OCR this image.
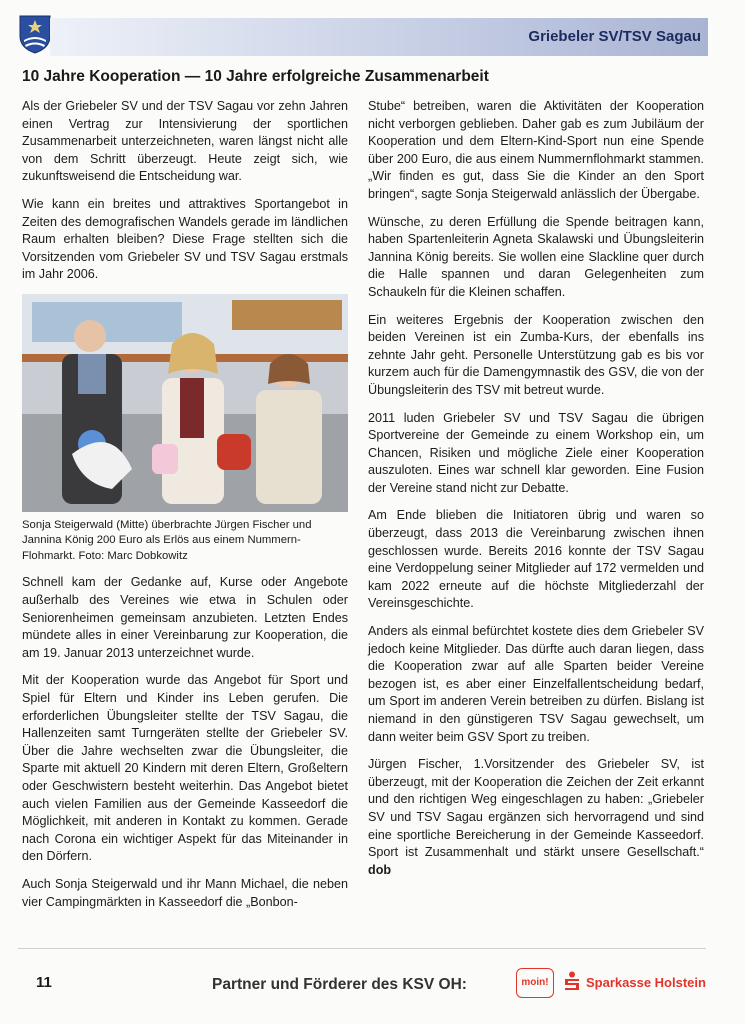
Griebeler SV/TSV Sagau
10 Jahre Kooperation — 10 Jahre erfolgreiche Zusammenarbeit

Als der Griebeler SV und der TSV Sagau vor zehn Jahren einen Vertrag zur Intensivierung der sportlichen Zusammenarbeit unterzeichneten, waren längst nicht alle von dem Schritt überzeugt. Heute zeigt sich, wie zukunftsweisend die Entscheidung war.

Wie kann ein breites und attraktives Sportangebot in Zeiten des demografischen Wandels gerade im ländlichen Raum erhalten bleiben? Diese Frage stellten sich die Vorsitzenden vom Griebeler SV und TSV Sagau erstmals im Jahr 2006.

Sonja Steigerwald (Mitte) überbrachte Jürgen Fischer und Jannina König 200 Euro als Erlös aus einem Nummern-Flohmarkt. Foto: Marc Dobkowitz

Schnell kam der Gedanke auf, Kurse oder Angebote außerhalb des Vereines wie etwa in Schulen oder Seniorenheimen gemeinsam anzubieten. Letzten Endes mündete alles in einer Vereinbarung zur Kooperation, die am 19. Januar 2013 unterzeichnet wurde.

Mit der Kooperation wurde das Angebot für Sport und Spiel für Eltern und Kinder ins Leben gerufen. Die erforderlichen Übungsleiter stellte der TSV Sagau, die Hallenzeiten samt Turngeräten stellte der Griebeler SV. Über die Jahre wechselten zwar die Übungsleiter, die Sparte mit aktuell 20 Kindern mit deren Eltern, Großeltern oder Geschwistern besteht weiterhin. Das Angebot bietet auch vielen Familien aus der Gemeinde Kasseedorf die Möglichkeit, mit anderen in Kontakt zu kommen. Gerade nach Corona ein wichtiger Aspekt für das Miteinander in den Dörfern.

Auch Sonja Steigerwald und ihr Mann Michael, die neben vier Campingmärkten in Kasseedorf die „Bonbon-

Stube“ betreiben, waren die Aktivitäten der Kooperation nicht verborgen geblieben. Daher gab es zum Jubiläum der Kooperation und dem Eltern-Kind-Sport nun eine Spende über 200 Euro, die aus einem Nummernflohmarkt stammen. „Wir finden es gut, dass Sie die Kinder an den Sport bringen“, sagte Sonja Steigerwald anlässlich der Übergabe.

Wünsche, zu deren Erfüllung die Spende beitragen kann, haben Spartenleiterin Agneta Skalawski und Übungsleiterin Jannina König bereits. Sie wollen eine Slackline quer durch die Halle spannen und daran Gelegenheiten zum Schaukeln für die Kleinen schaffen.

Ein weiteres Ergebnis der Kooperation zwischen den beiden Vereinen ist ein Zumba-Kurs, der ebenfalls ins zehnte Jahr geht. Personelle Unterstützung gab es bis vor kurzem auch für die Damengymnastik des GSV, die von der Übungsleiterin des TSV mit betreut wurde.

2011 luden Griebeler SV und TSV Sagau die übrigen Sportvereine der Gemeinde zu einem Workshop ein, um Chancen, Risiken und mögliche Ziele einer Kooperation auszuloten. Eines war schnell klar geworden. Eine Fusion der Vereine stand nicht zur Debatte.

Am Ende blieben die Initiatoren übrig und waren so überzeugt, dass 2013 die Vereinbarung zwischen ihnen geschlossen wurde. Bereits 2016 konnte der TSV Sagau eine Verdoppelung seiner Mitglieder auf 172 vermelden und kam 2022 erneute auf die höchste Mitgliederzahl der Vereinsgeschichte.

Anders als einmal befürchtet kostete dies dem Griebeler SV jedoch keine Mitglieder. Das dürfte auch daran liegen, dass die Kooperation zwar auf alle Sparten beider Vereine bezogen ist, es aber einer Einzelfallentscheidung bedarf, um Sport im anderen Verein betreiben zu dürfen. Bislang ist niemand in den günstigeren TSV Sagau gewechselt, um dann weiter beim GSV Sport zu treiben.

Jürgen Fischer, 1.Vorsitzender des Griebeler SV, ist überzeugt, mit der Kooperation die Zeichen der Zeit erkannt und den richtigen Weg eingeschlagen zu haben: „Griebeler SV und TSV Sagau ergänzen sich hervorragend und sind eine sportliche Bereicherung in der Gemeinde Kasseedorf. Sport ist Zusammenhalt und stärkt unsere Gesellschaft.“ dob

11	Partner und Förderer des KSV OH:	moin!	Sparkasse Holstein
